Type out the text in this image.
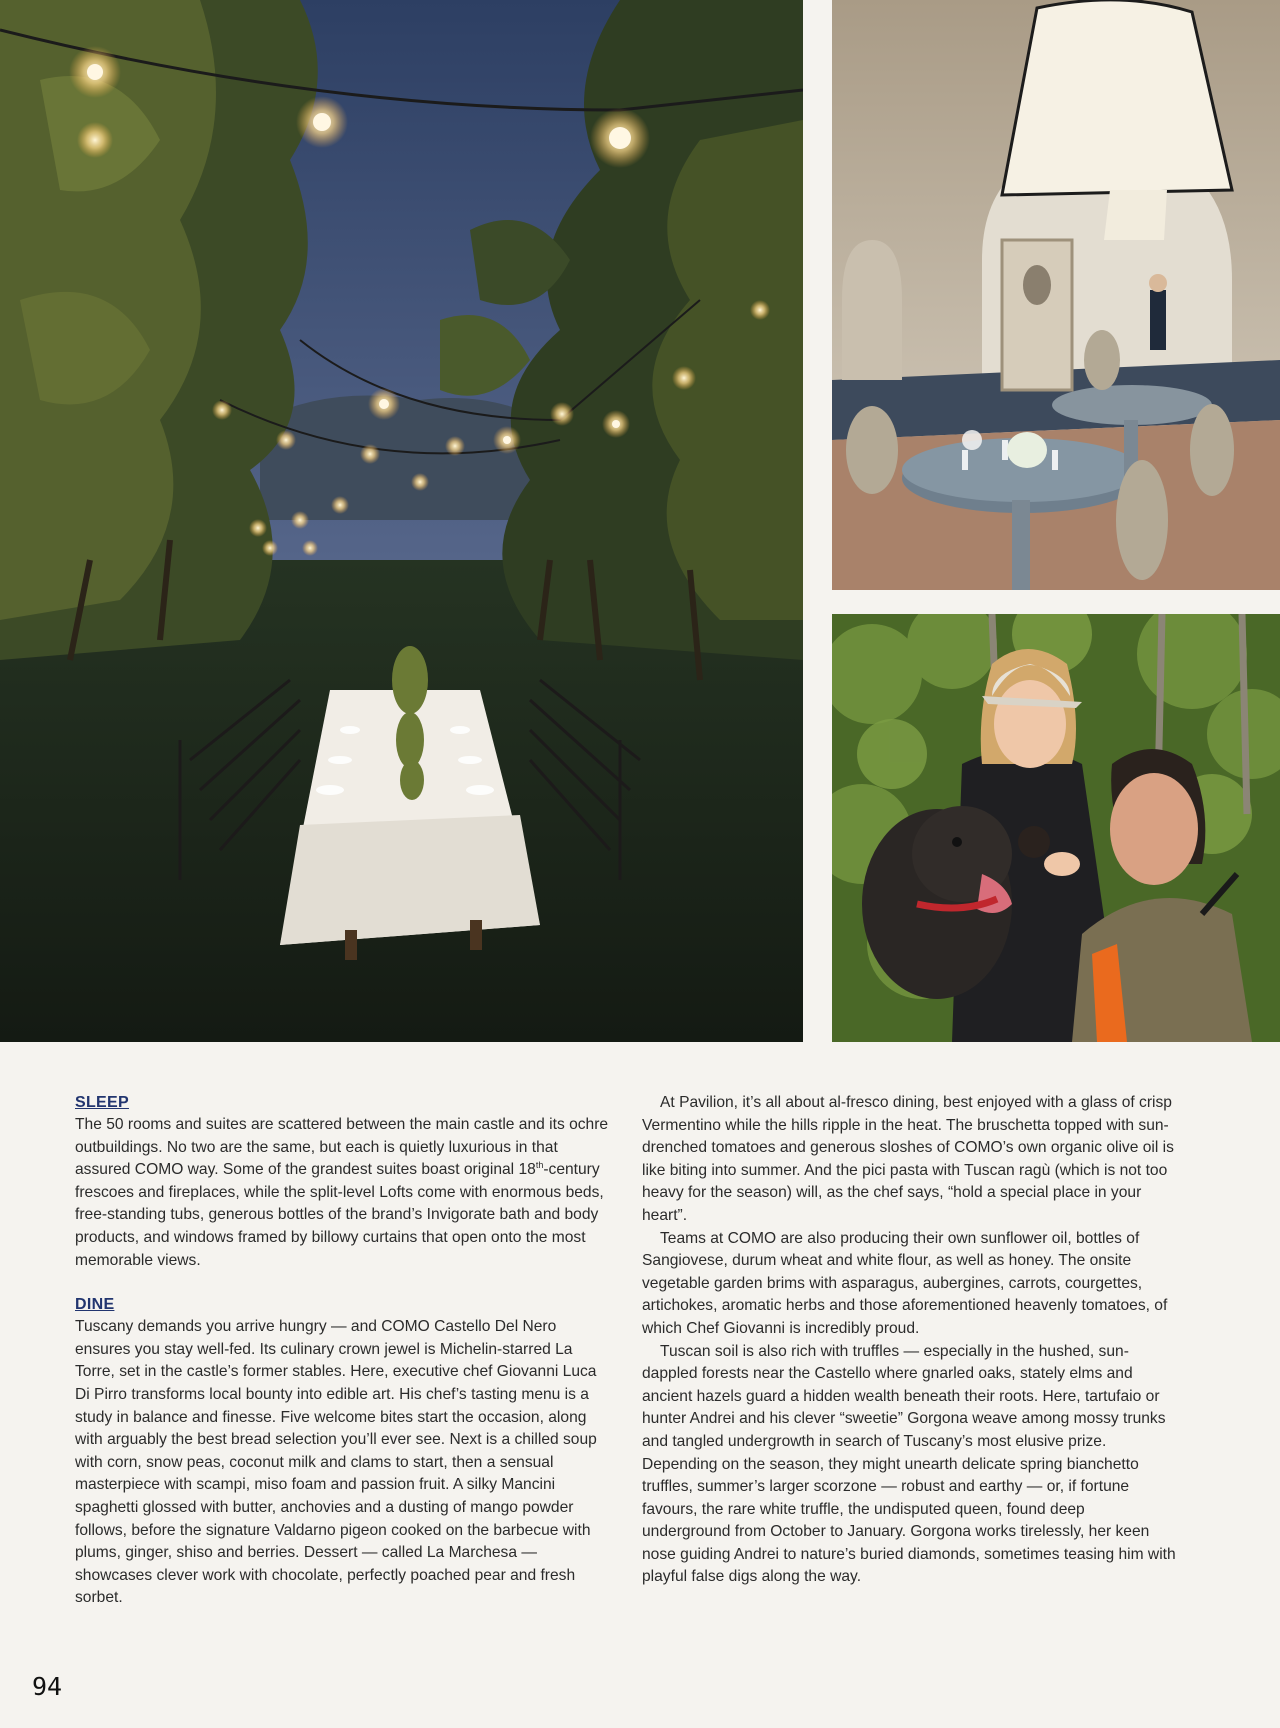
SLEEP

The 50 rooms and suites are scattered between the main castle and its ochre outbuildings. No two are the same, but each is quietly luxurious in that assured COMO way. Some of the grandest suites boast original 18th-century frescoes and fireplaces, while the split-level Lofts come with enormous beds, free-standing tubs, generous bottles of the brand’s Invigorate bath and body products, and windows framed by billowy curtains that open onto the most memorable views.

DINE

Tuscany demands you arrive hungry — and COMO Castello Del Nero ensures you stay well-fed. Its culinary crown jewel is Michelin-starred La Torre, set in the castle’s former stables. Here, executive chef Giovanni Luca Di Pirro transforms local bounty into edible art. His chef’s tasting menu is a study in balance and finesse. Five welcome bites start the occasion, along with arguably the best bread selection you’ll ever see. Next is a chilled soup with corn, snow peas, coconut milk and clams to start, then a sensual masterpiece with scampi, miso foam and passion fruit. A silky Mancini spaghetti glossed with butter, anchovies and a dusting of mango powder follows, before the signature Valdarno pigeon cooked on the barbecue with plums, ginger, shiso and berries. Dessert — called La Marchesa — showcases clever work with chocolate, perfectly poached pear and fresh sorbet.

At Pavilion, it’s all about al-fresco dining, best enjoyed with a glass of crisp Vermentino while the hills ripple in the heat. The bruschetta topped with sun-drenched tomatoes and generous sloshes of COMO’s own organic olive oil is like biting into summer. And the pici pasta with Tuscan ragù (which is not too heavy for the season) will, as the chef says, “hold a special place in your heart”.

Teams at COMO are also producing their own sunflower oil, bottles of Sangiovese, durum wheat and white flour, as well as honey. The onsite vegetable garden brims with asparagus, aubergines, carrots, courgettes, artichokes, aromatic herbs and those aforementioned heavenly tomatoes, of which Chef Giovanni is incredibly proud.

Tuscan soil is also rich with truffles — especially in the hushed, sun-dappled forests near the Castello where gnarled oaks, stately elms and ancient hazels guard a hidden wealth beneath their roots. Here, tartufaio or hunter Andrei and his clever “sweetie” Gorgona weave among mossy trunks and tangled undergrowth in search of Tuscany’s most elusive prize. Depending on the season, they might unearth delicate spring bianchetto truffles, summer’s larger scorzone — robust and earthy — or, if fortune favours, the rare white truffle, the undisputed queen, found deep underground from October to January. Gorgona works tirelessly, her keen nose guiding Andrei to nature’s buried diamonds, sometimes teasing him with playful false digs along the way.

94
